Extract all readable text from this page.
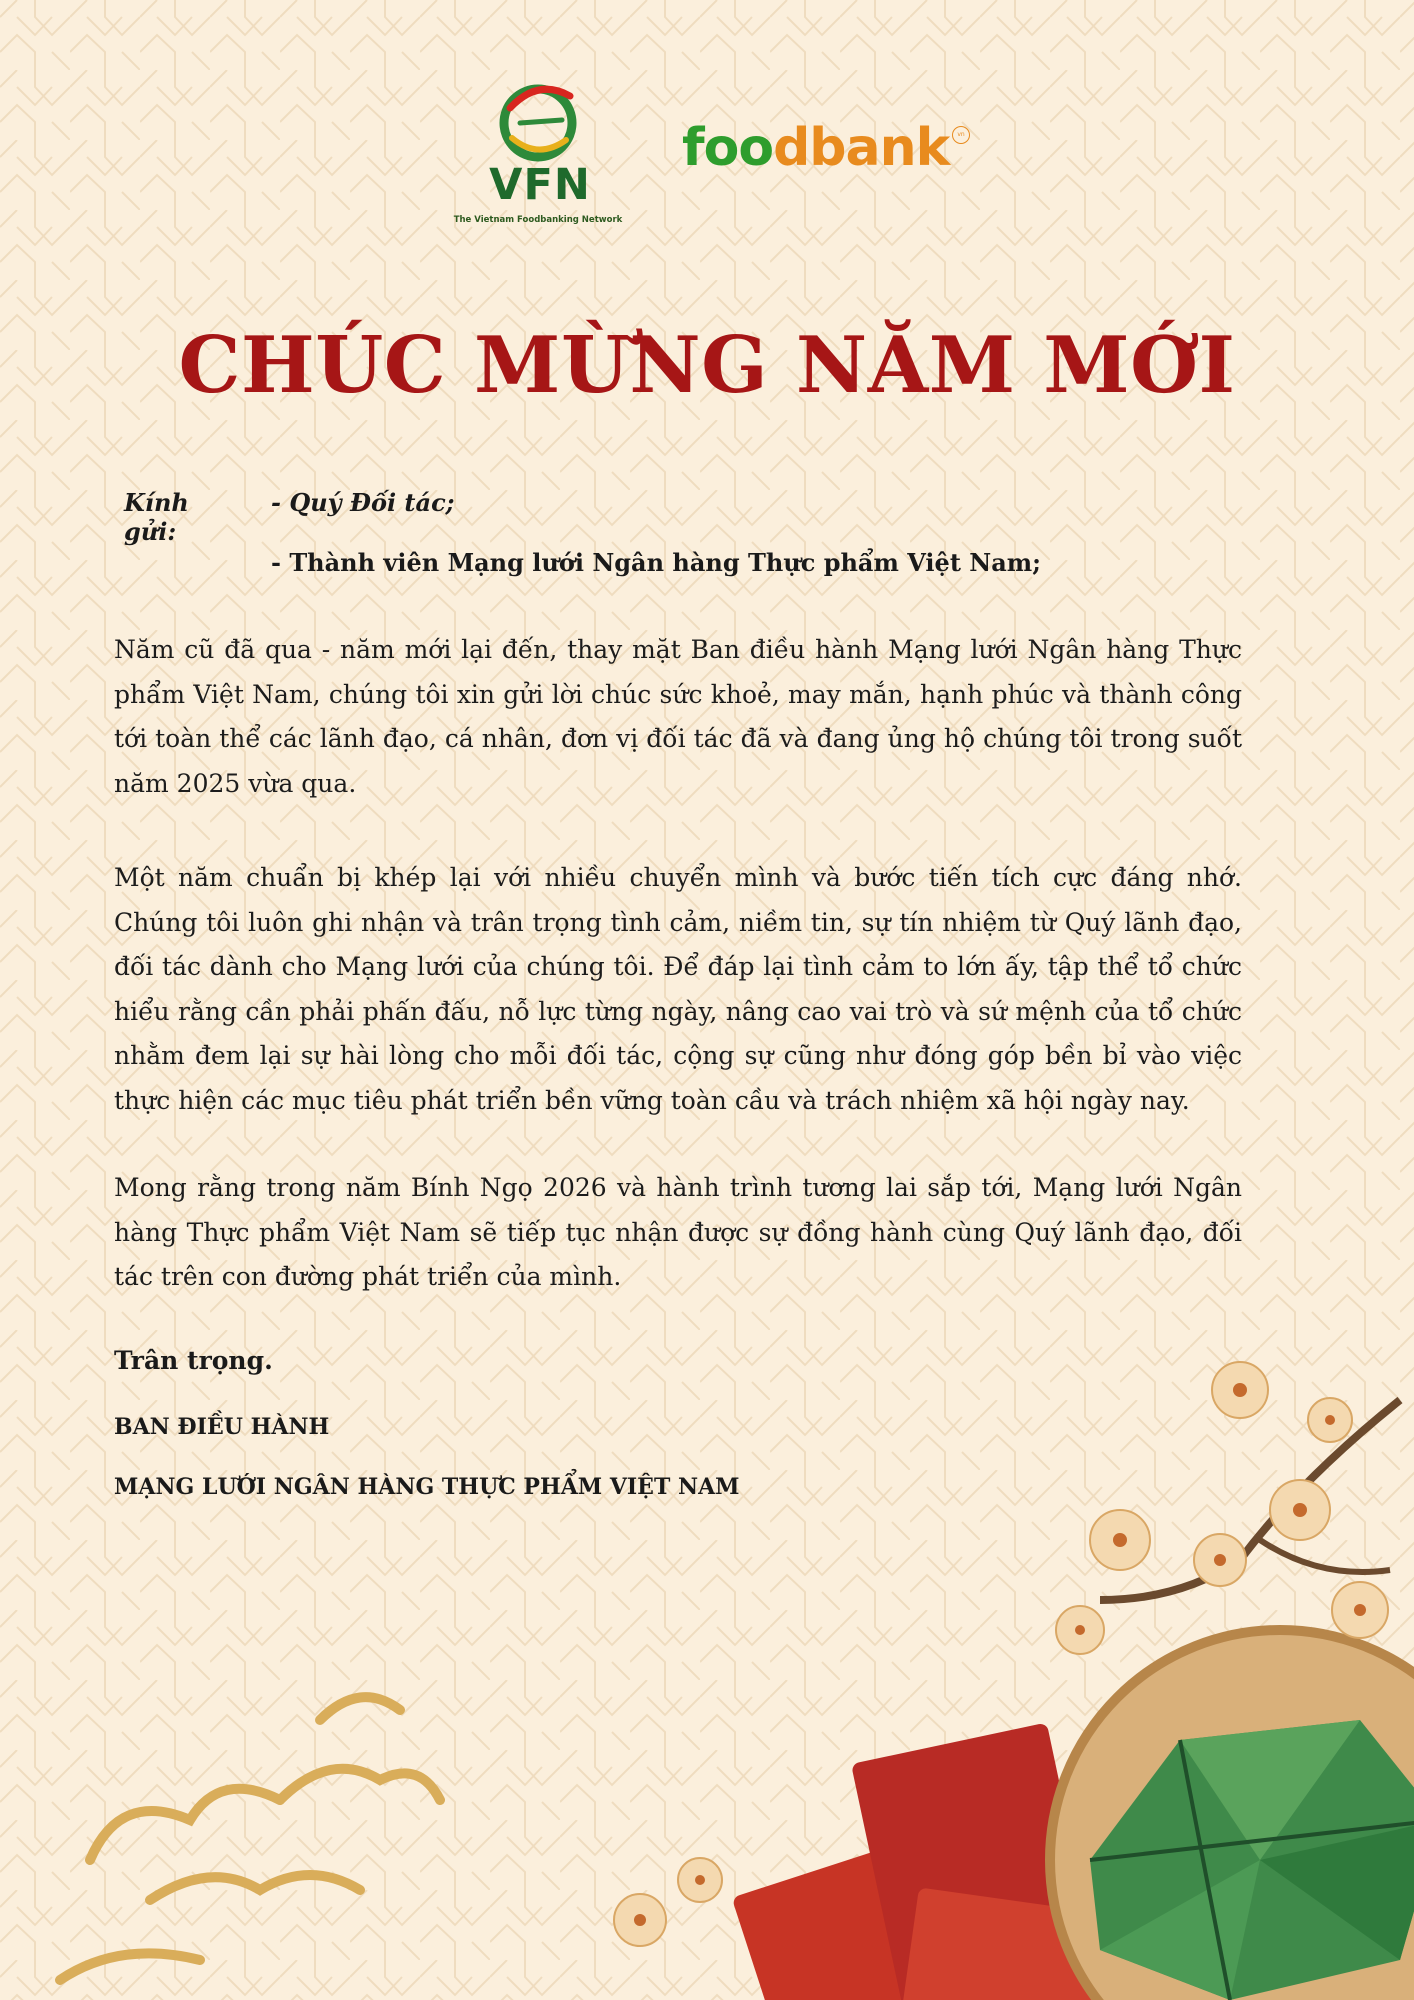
VFN
The Vietnam Foodbanking Network
foodbank	vn
CHÚC MỪNG NĂM MỚI
Kính gửi:
- Quý Đối tác;
- Thành viên Mạng lưới Ngân hàng Thực phẩm Việt Nam;
Năm cũ đã qua - năm mới lại đến, thay mặt Ban điều hành Mạng lưới Ngân hàng Thực phẩm Việt Nam, chúng tôi xin gửi lời chúc sức khoẻ, may mắn, hạnh phúc và thành công tới toàn thể các lãnh đạo, cá nhân, đơn vị đối tác đã và đang ủng hộ chúng tôi trong suốt năm 2025 vừa qua.
Một năm chuẩn bị khép lại với nhiều chuyển mình và bước tiến tích cực đáng nhớ. Chúng tôi luôn ghi nhận và trân trọng tình cảm, niềm tin, sự tín nhiệm từ Quý lãnh đạo, đối tác dành cho Mạng lưới của chúng tôi. Để đáp lại tình cảm to lớn ấy, tập thể tổ chức hiểu rằng cần phải phấn đấu, nỗ lực từng ngày, nâng cao vai trò và sứ mệnh của tổ chức nhằm đem lại sự hài lòng cho mỗi đối tác, cộng sự cũng như đóng góp bền bỉ vào việc thực hiện các mục tiêu phát triển bền vững toàn cầu và trách nhiệm xã hội ngày nay.
Mong rằng trong năm Bính Ngọ 2026 và hành trình tương lai sắp tới, Mạng lưới Ngân hàng Thực phẩm Việt Nam sẽ tiếp tục nhận được sự đồng hành cùng Quý lãnh đạo, đối tác trên con đường phát triển của mình.
Trân trọng.
BAN ĐIỀU HÀNH
MẠNG LƯỚI NGÂN HÀNG THỰC PHẨM VIỆT NAM
